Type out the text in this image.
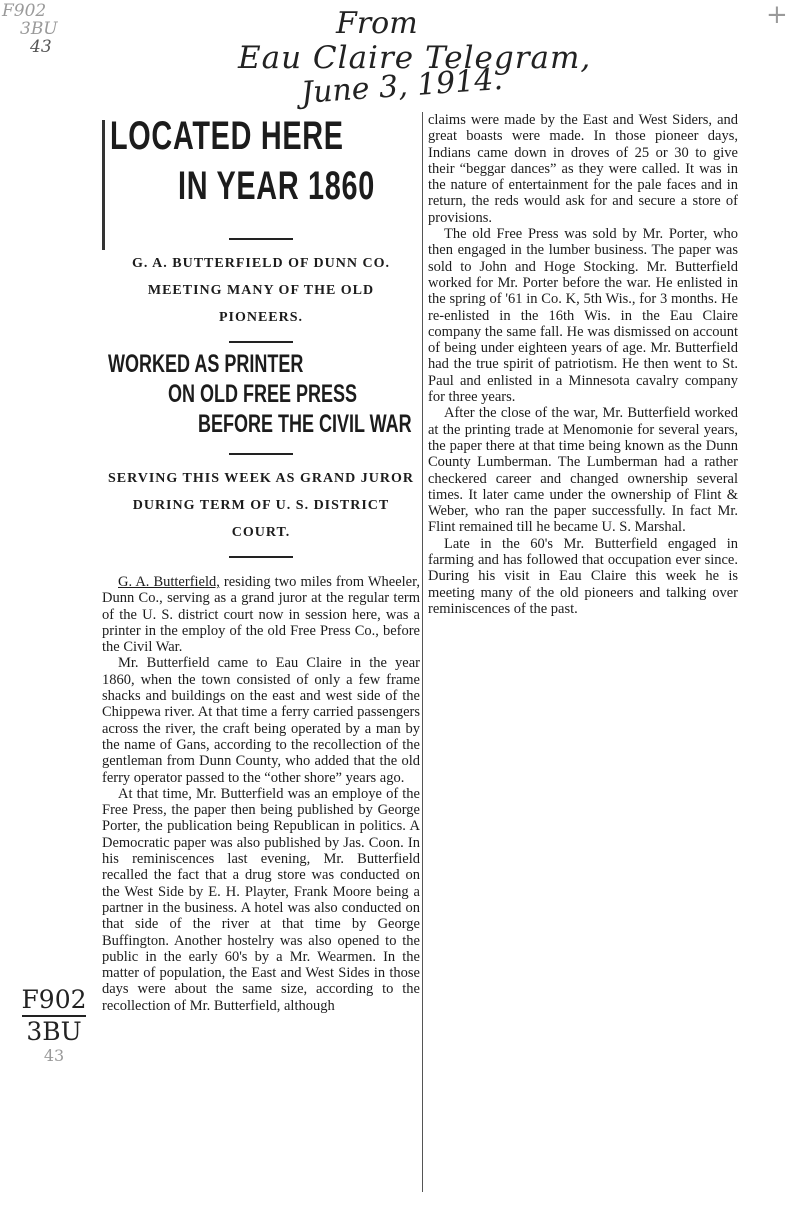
F902
3BU
43
+
From
Eau Claire Telegram,
June 3, 1914.
F902
3BU
43
LOCATED HERE
IN YEAR 1860
G. A. BUTTERFIELD OF DUNN CO. MEETING MANY OF THE OLD PIONEERS.
WORKED AS PRINTER
ON OLD FREE PRESS
BEFORE THE CIVIL WAR
SERVING THIS WEEK AS GRAND JUROR DURING TERM OF U. S. DISTRICT COURT.

G. A. Butterfield, residing two miles from Wheeler, Dunn Co., serving as a grand juror at the regular term of the U. S. district court now in session here, was a printer in the employ of the old Free Press Co., before the Civil War.

Mr. Butterfield came to Eau Claire in the year 1860, when the town consisted of only a few frame shacks and buildings on the east and west side of the Chippewa river. At that time a ferry carried passengers across the river, the craft being operated by a man by the name of Gans, according to the recollection of the gentleman from Dunn County, who added that the old ferry operator passed to the “other shore” years ago.

At that time, Mr. Butterfield was an employe of the Free Press, the paper then being published by George Porter, the publication being Republican in politics. A Democratic paper was also published by Jas. Coon. In his reminiscences last evening, Mr. Butterfield recalled the fact that a drug store was conducted on the West Side by E. H. Playter, Frank Moore being a partner in the business. A hotel was also conducted on that side of the river at that time by George Buffington. Another hostelry was also opened to the public in the early 60's by a Mr. Wearmen. In the matter of population, the East and West Sides in those days were about the same size, according to the recollection of Mr. Butterfield, although

claims were made by the East and West Siders, and great boasts were made. In those pioneer days, Indians came down in droves of 25 or 30 to give their “beggar dances” as they were called. It was in the nature of entertainment for the pale faces and in return, the reds would ask for and secure a store of provisions.

The old Free Press was sold by Mr. Porter, who then engaged in the lumber business. The paper was sold to John and Hoge Stocking. Mr. Butterfield worked for Mr. Porter before the war. He enlisted in the spring of '61 in Co. K, 5th Wis., for 3 months. He re-enlisted in the 16th Wis. in the Eau Claire company the same fall. He was dismissed on account of being under eighteen years of age. Mr. Butterfield had the true spirit of patriotism. He then went to St. Paul and enlisted in a Minnesota cavalry company for three years.

After the close of the war, Mr. Butterfield worked at the printing trade at Menomonie for several years, the paper there at that time being known as the Dunn County Lumberman. The Lumberman had a rather checkered career and changed ownership several times. It later came under the ownership of Flint & Weber, who ran the paper successfully. In fact Mr. Flint remained till he became U. S. Marshal.

Late in the 60's Mr. Butterfield engaged in farming and has followed that occupation ever since. During his visit in Eau Claire this week he is meeting many of the old pioneers and talking over reminiscences of the past.
